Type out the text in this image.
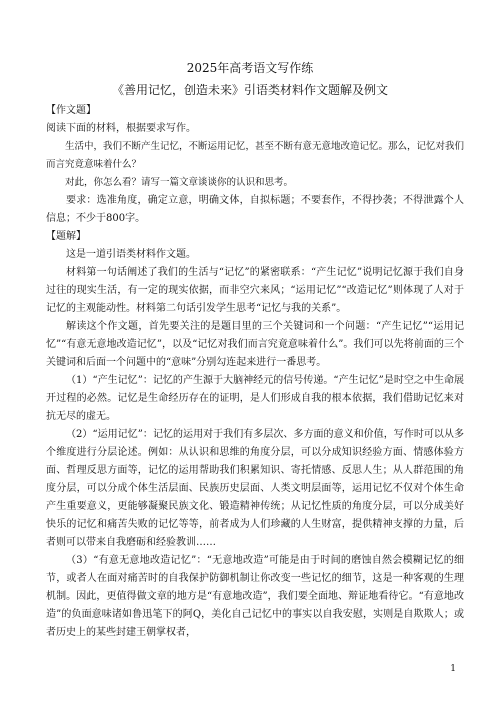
2025年高考语文写作练
《善用记忆，创造未来》引语类材料作文题解及例文

【作文题】

阅读下面的材料，根据要求写作。

生活中，我们不断产生记忆，不断运用记忆，甚至不断有意无意地改造记忆。那么，记忆对我们而言究竟意味着什么？

对此，你怎么看？请写一篇文章谈谈你的认识和思考。

要求：选准角度，确定立意，明确文体，自拟标题；不要套作，不得抄袭；不得泄露个人信息；不少于800字。

【题解】

这是一道引语类材料作文题。

材料第一句话阐述了我们的生活与“记忆”的紧密联系：“产生记忆”说明记忆源于我们自身过往的现实生活，有一定的现实依据，而非空穴来风；“运用记忆”“改造记忆”则体现了人对于记忆的主观能动性。材料第二句话引发学生思考“记忆与我的关系”。

解读这个作文题，首先要关注的是题目里的三个关键词和一个问题：“产生记忆”“运用记忆”“有意无意地改造记忆”，以及“记忆对我们而言究竟意味着什么”。我们可以先将前面的三个关键词和后面一个问题中的“意味”分别勾连起来进行一番思考。

（1）“产生记忆”：记忆的产生源于大脑神经元的信号传递。“产生记忆”是时空之中生命展开过程的必然。记忆是生命经历存在的证明，是人们形成自我的根本依据，我们借助记忆来对抗无尽的虚无。

（2）“运用记忆”：记忆的运用对于我们有多层次、多方面的意义和价值，写作时可以从多个维度进行分层论述。例如：从认识和思维的角度分层，可以分成知识经验方面、情感体验方面、哲理反思方面等，记忆的运用帮助我们积累知识、寄托情感、反思人生；从人群范围的角度分层，可以分成个体生活层面、民族历史层面、人类文明层面等，运用记忆不仅对个体生命产生重要意义，更能够凝聚民族文化、锻造精神传统；从记忆性质的角度分层，可以分成美好快乐的记忆和痛苦失败的记忆等等，前者成为人们珍藏的人生财富，提供精神支撑的力量，后者则可以带来自我磨砺和经验教训……

（3）“有意无意地改造记忆”：“无意地改造”可能是由于时间的磨蚀自然会模糊记忆的细节，或者人在面对痛苦时的自我保护防御机制让你改变一些记忆的细节，这是一种客观的生理机制。因此，更值得做文章的地方是“有意地改造”，我们要全面地、辩证地看待它。“有意地改造”的负面意味诸如鲁迅笔下的阿Q，美化自己记忆中的事实以自我安慰，实则是自欺欺人；或者历史上的某些封建王朝掌权者，

1
